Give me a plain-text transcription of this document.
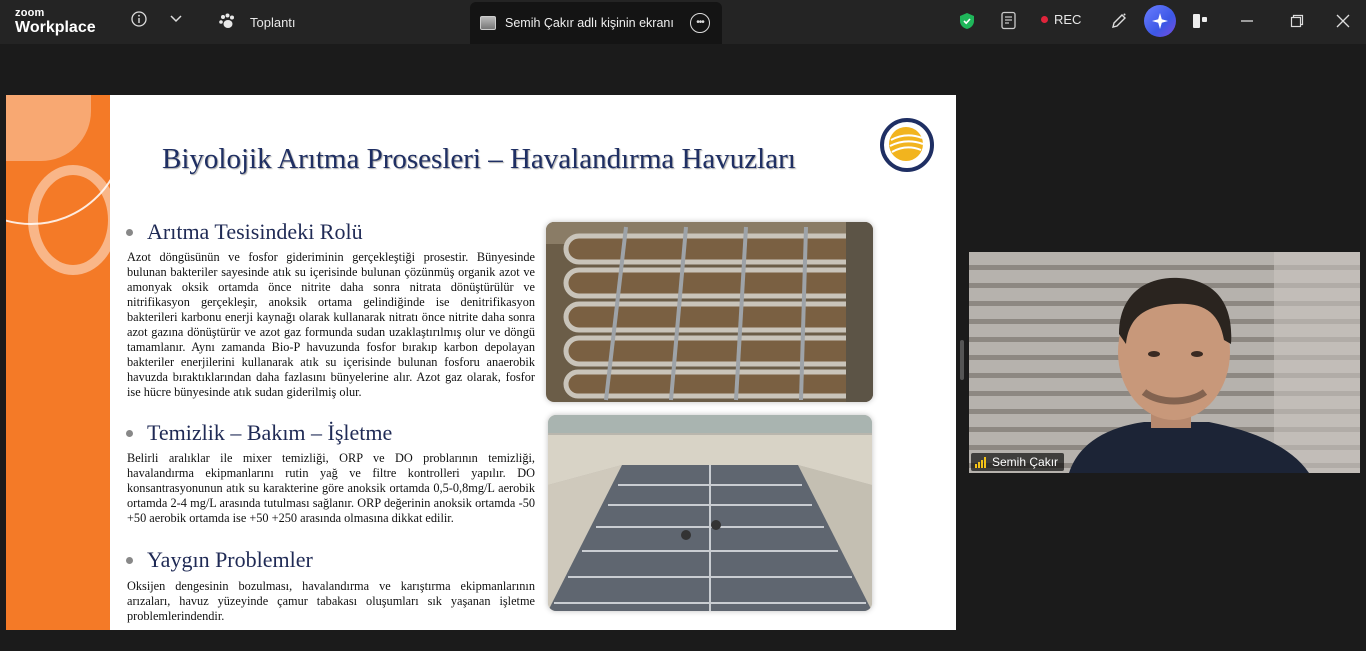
zoom
Workplace	Toplantı	Semih Çakır adlı kişinin ekranı	•••	REC
Biyolojik Arıtma Prosesleri – Havalandırma Havuzları
Arıtma Tesisindeki Rolü
Azot döngüsünün ve fosfor gideriminin gerçekleştiği prosestir. Bünyesinde bulunan bakteriler sayesinde atık su içerisinde bulunan çözünmüş organik azot ve amonyak oksik ortamda önce nitrite daha sonra nitrata dönüştürülür ve nitrifikasyon gerçekleşir, anoksik ortama gelindiğinde ise denitrifikasyon bakterileri karbonu enerji kaynağı olarak kullanarak nitratı önce nitrite daha sonra azot gazına dönüştürür ve azot gaz formunda sudan uzaklaştırılmış olur ve döngü tamamlanır. Aynı zamanda Bio-P havuzunda fosfor bırakıp karbon depolayan bakteriler enerjilerini kullanarak atık su içerisinde bulunan fosforu anaerobik havuzda bıraktıklarından daha fazlasını bünyelerine alır. Azot gaz olarak, fosfor ise hücre bünyesinde atık sudan giderilmiş olur.
Temizlik – Bakım – İşletme
Belirli aralıklar ile mixer temizliği, ORP ve DO problarının temizliği, havalandırma ekipmanlarını rutin yağ ve filtre kontrolleri yapılır. DO konsantrasyonunun atık su karakterine göre anoksik ortamda 0,5-0,8mg/L aerobik ortamda 2-4 mg/L arasında tutulması sağlanır. ORP değerinin anoksik ortamda -50 +50 aerobik ortamda ise +50 +250 arasında olmasına dikkat edilir.
Yaygın Problemler
Oksijen dengesinin bozulması, havalandırma ve karıştırma ekipmanlarının arızaları, havuz yüzeyinde çamur tabakası oluşumları sık yaşanan işletme problemlerindendir.
Semih Çakır
